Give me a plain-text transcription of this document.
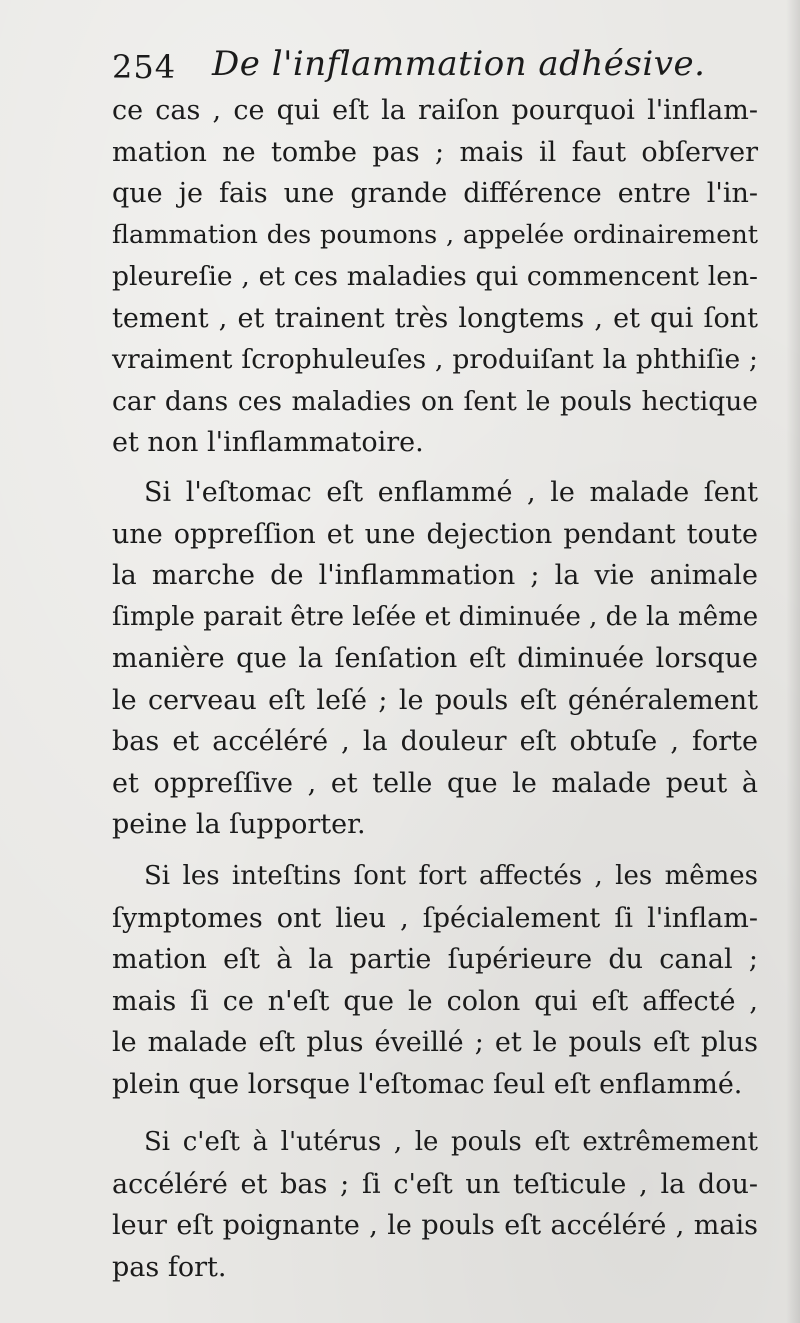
254 De l'inflammation adhésive.
ce cas , ce qui eſt la raiſon pourquoi l'inflam-
mation ne tombe pas ; mais il faut obſerver
que je fais une grande différence entre l'in-
flammation des poumons , appelée ordinairement
pleureſie , et ces maladies qui commencent len-
tement , et trainent très longtems , et qui ſont
vraiment ſcrophuleuſes , produiſant la phthiſie ;
car dans ces maladies on ſent le pouls hectique
et non l'inflammatoire.
Si l'eſtomac eſt enflammé , le malade ſent
une oppreſſion et une dejection pendant toute
la marche de l'inflammation ; la vie animale
ſimple parait être leſée et diminuée , de la même
manière que la ſenſation eſt diminuée lorsque
le cerveau eſt leſé ; le pouls eſt généralement
bas et accéléré , la douleur eſt obtuſe , forte
et oppreſſive , et telle que le malade peut à
peine la ſupporter.
Si les inteſtins ſont fort affectés , les mêmes
ſymptomes ont lieu , ſpécialement ſi l'inflam-
mation eſt à la partie ſupérieure du canal ;
mais ſi ce n'eſt que le colon qui eſt affecté ,
le malade eſt plus éveillé ; et le pouls eſt plus
plein que lorsque l'eſtomac ſeul eſt enflammé.
Si c'eſt à l'utérus , le pouls eſt extrêmement
accéléré et bas ; ſi c'eſt un teſticule , la dou-
leur eſt poignante , le pouls eſt accéléré , mais
pas fort.
